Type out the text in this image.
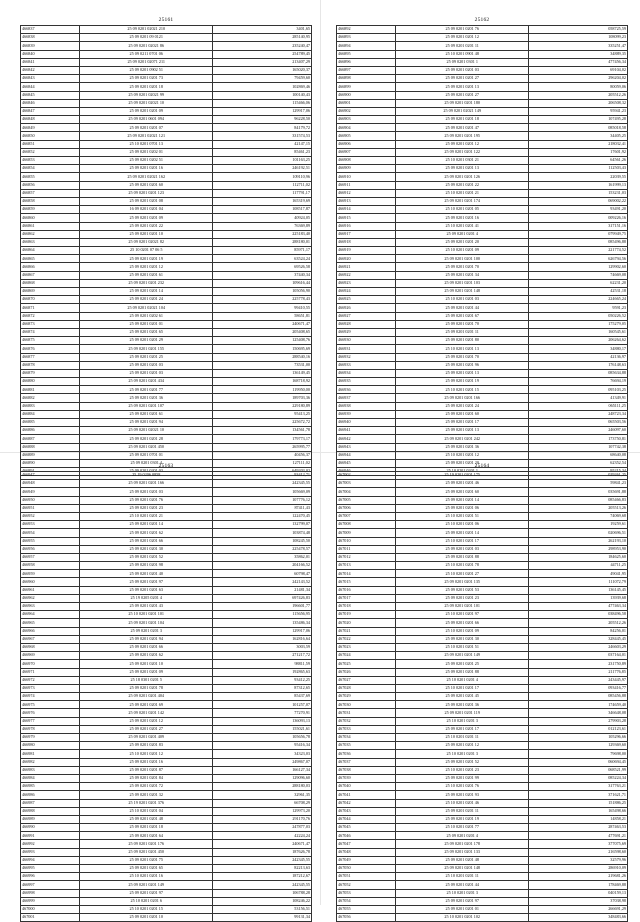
25161
466837	25 09 0201 02021 210	3401,65
466838	25 09 0201 09 0121	285140,95
466839	25 09 0201 02021 86	235240,47
466840	25 09 0211 0701 06	254789,45
466841	25 09 0201 02071 211	213407,29
466842	25 09 0201 0902 51	165020,37
466843	25 09 0201 0201 73	79459,60
466844	25 09 0201 0201 18	102869,46
466845	25 09 0201 02021 99	100140,43
466846	25 09 0201 02021 10	115466,06
466847	25 09 0201 0201 09	129917,06
466848	25 09 0201 0601 094	96228,50
466849	25 09 0201 0201 07	84179,72
466850	25 09 0201 02021 121	331574,53
466851	25 10 0201 0701 13	42147,15
466852	25 09 0201 0202 01	85461,23
466853	25 09 0201 0202 51	101163,25
466854	25 09 0201 0201 16	246192,51
466855	25 09 0201 02021 162	109110,96
466856	25 09 0201 0201 60	112711,02
466857	25 09 0201 0201 123	117791,17
466858	25 09 0201 0201 08	165319,69
466859	16 09 0201 0201 04	108517,87
466860	25 09 0201 0201 09	40924,05
466861	25 09 0201 0201 22	76369,89
466862	25 09 0201 0201 10	225183,40
466863	25 09 0201 02021 82	288180,01
466864	25 10 0201 07 06 5	85971,17
466865	25 09 0201 0201 19	63524,24
466866	25 09 0201 0201 12	69526,58
466867	25 09 0201 0201 61	37440,34
466868	25 09 0201 0201 232	109616,44
466869	25 09 0201 0201 14	105056,90
466870	25 09 0201 0201 24	225778,43
466871	25 09 0201 02021 104	99410,55
466872	25 09 0201 0202 61	58651,81
466873	25 09 0201 0201 01	240671,47
466874	25 09 0201 0201 65	205408,65
466875	25 09 0201 0201 29	125408,76
466876	25 09 0201 0201 155	150695,69
466877	25 09 0201 0201 25	288540,16
466878	25 09 0201 0201 03	73531,00
466879	25 09 0201 0201 03	136149,45
466880	25 09 0201 0201 434	168718,92
466881	25 09 0201 0201 77	119950,00
466882	25 09 0201 0201 36	189703,36
466883	25 09 0201 0201 107	229180,89
466884	25 09 0201 0201 61	95413,25
466885	25 09 0201 0201 94	225672,72
466886	25 09 0201 02021 10	134561,78
466887	25 09 0201 0201 28	179773,17
466888	25 09 0201 0201 450	265995,77
466889	25 09 0201 0701 01	40456,37
466890	25 09 0201 0301 4	127111,02
466891	25 09 0201 0201 03	649203,02
25162
466892	25 09 0201 0201 76	058725,59
466893	25 09 0201 0201 12	108099,23
466894	25 09 0201 0201 11	335251,47
466895	25 10 0201 0901 48	34889,35
466896	25 09 0201 0301 1	477456,34
466897	25 09 0201 0201 03	69104,02
466898	25 09 0201 0201 27	296204,02
466899	25 09 0201 0201 13	80059,06
466900	25 09 0201 0201 27	205512,26
466901	25 09 0201 0201 180	206508,32
466902	25 09 0201 02021 149	95941,23
466903	25 09 0201 0201 18	107495,28
466904	25 09 0201 0201 47	085018,58
466905	25 09 0201 0201 195	34405,25
466906	25 09 0201 0201 12	218032,41
466907	25 09 0201 0201 122	17601,92
466908	25 10 0201 0301 21	64561,26
466909	25 09 0201 0201 13	112503,43
466910	25 09 0201 0201 126	22039,55
466911	25 09 0201 0201 22	161999,13
466912	25 10 0201 0201 21	153231,03
466913	25 09 0201 0201 174	069002,22
466914	25 10 0201 0201 05	93491,20
466915	25 09 0201 0201 16	009226,16
466916	25 10 0201 0201 41	317151,16
466917	25 09 0201 0201 4	079949,75
466918	25 09 0201 0201 20	085496,88
466919	25 10 0201 0201 09	221774,52
466920	25 09 0201 0201 100	626794,56
466921	25 09 0201 0201 70	129902,60
466922	25 09 0201 0201 34	74669,08
466923	25 09 0201 0201 103	62231,20
466924	25 09 0201 0201 148	42531,18
466925	25 10 0201 0201 03	224665,24
466926	25 09 0201 0201 44	9591,23
466927	25 09 0201 0201 67	050226,52
466928	25 09 0201 0201 70	175279,05
466929	25 09 0201 0201 11	160545,61
466930	25 09 0201 0201 80	206264,62
466931	25 10 0201 0201 13	34880,17
466932	25 09 0201 0201 70	42136,97
466933	25 09 0201 0201 96	176148,63
466934	25 09 0201 0201 13	085634,88
466935	25 09 0201 0201 19	76694,19
466936	25 10 0201 0201 15	095103,25
466937	25 09 0201 0201 166	41349,91
466938	25 09 0201 0201 24	065111,25
466939	25 09 0201 0201 60	248723,34
466940	25 09 0201 0201 17	065503,56
466941	25 09 0201 0201 13	246097,60
466942	25 09 0201 0201 242	173750,81
466943	25 09 0201 0201 36	107742,38
466944	25 10 0201 0201 12	68640,08
466945	25 09 0201 0201 20	62352,54
466946	25 10 0201 0201 1	95215,34
25163
466947	25 19 0206 0858	93412,71
466948	25 09 0201 0201 166	242345,55
466949	25 09 0201 0201 03	105669,09
466950	25 09 0201 0201 76	107776,12
466951	25 09 0201 0201 23	87411,43
466952	25 10 0201 0201 21	122470,45
466953	25 09 0201 0201 14	132799,07
466954	25 09 0201 0201 62	103874,48
466955	25 09 0201 0201 66	108245,50
466956	25 09 0201 0201 30	225478,57
466957	25 09 0201 0201 52	35862,01
466958	25 09 0201 0201 98	204166,52
466959	25 09 0201 0201 40	60798,47
466960	25 09 0201 0201 97	242143,52
466961	25 09 0201 0201 63	21481,34
466962	25 19 0205 0201 4	697426,83
466963	25 09 0201 0201 43	196601,77
466964	25 10 0201 0201 101	115656,95
466965	25 09 0201 0201 104	135486,34
466966	25 09 0201 0201 3	129917,06
466967	25 09 0201 0201 94	162816,64
466968	25 09 0201 0201 66	3003,59
466969	25 09 0201 0201 62	271217,72
466970	25 09 0201 0201 10	98811,59
466971	25 09 0201 0201 09	192865,63
466972	25 18 0301 0201 5	93412,25
466973	25 09 0201 0201 78	87312,65
466974	25 09 0201 0201 404	85437,69
466975	25 09 0201 0201 69	101257,07
466976	25 09 0201 0201 142	77270,91
466977	25 09 0201 0201 12	136093,13
466978	25 09 0201 0201 27	155021,61
466979	25 09 0201 0201 409	105656,78
466980	25 09 0201 0201 83	95416,34
466981	25 10 0201 0201 12	34323,03
466982	25 09 0201 0201 16	249867,07
466983	25 09 0201 0201 87	166127,34
466984	25 09 0201 0201 84	129096,60
466985	25 09 0201 0201 72	288180,03
466986	25 09 0201 0201 32	32961,35
466987	25 19 0201 0201 376	66708,29
466988	25 10 0201 0201 04	129973,20
466989	25 09 0201 0201 48	291170,76
466990	25 09 0201 0201 18	247877,03
466991	25 09 0201 0201 64	42224,24
466992	25 09 0201 0201 176	240671,47
466993	25 09 0201 0201 450	187626,78
466994	25 09 0201 0201 75	242345,55
466995	25 09 0201 0201 65	82213,63
466996	25 10 0201 0201 16	187212,67
466997	25 09 0201 0201 149	242345,55
466998	25 09 0201 0201 97	106788,28
466999	25 10 0201 0201 6	108246,22
467000	25 10 0201 0201 15	53156,51
467001	25 09 0201 0201 10	99131,34
25164
467002	25 19 0201 0201 175	029261,25
467003	25 09 0201 0201 46	59841,23
467004	25 09 0201 0201 60	035691,88
467005	25 09 0201 0201 14	085466,83
467006	25 09 0201 0201 06	205513,26
467007	25 10 0201 0201 51	74069,68
467008	25 10 0201 0201 06	19259,61
467009	25 09 0201 0201 14	020696,51
467010	25 10 0201 0201 17	262193,10
467011	25 09 0201 0201 03	298953,90
467012	25 09 0201 0201 88	184625,60
467013	25 10 0201 0201 78	44711,25
467014	25 10 0201 0201 27	49041,95
467015	25 09 0201 0201 135	111072,79
467016	25 09 0201 0201 53	136145,45
467017	25 09 0201 0201 23	13939,68
467018	25 09 0201 0201 101	477463,34
467019	25 10 0201 0201 97	038496,58
467020	25 09 0201 0201 66	205512,26
467021	25 10 0201 0201 09	84256,01
467022	25 09 0201 0201 30	328445,45
467023	25 10 0201 0201 51	246603,29
467024	25 09 0201 0201 149	037164,01
467025	25 09 0201 0201 25	231750,89
467026	25 09 0201 0201 88	211776,85
467027	25 10 0201 0201 4	243445,97
467028	25 10 0201 0201 17	093416,77
467029	25 09 0201 0201 45	085456,88
467030	25 09 0201 0201 36	174659,40
467031	25 09 0201 0201 119	346648,08
467032	25 10 0201 0201 3	279903,28
467033	25 09 0201 0201 17	012123,61
467034	25 10 0201 0201 11	105296,66
467035	25 09 0201 0201 12	129369,60
467036	25 10 0201 0201 3	79698,00
467037	25 09 0201 0201 52	060694,45
467038	25 10 0201 0201 23	068521,99
467039	25 09 0201 0201 99	085224,34
467040	25 10 0201 0201 76	317763,21
467041	25 09 0201 0201 93	371621,71
467042	25 10 0201 0201 46	151886,25
467043	25 09 0201 0201 11	165498,66
467044	25 09 0201 0201 19	14858,21
467045	25 10 0201 0201 77	287463,53
467046	25 09 0201 0201 4	477691,21
467047	25 09 0201 0201 178	377075,69
467048	25 09 0201 0201 133	216598,60
467049	25 09 0201 0201 48	32579,96
467050	25 09 0201 0201 148	286910,09
467051	25 10 0201 0201 11	219681,26
467052	25 09 0201 0201 44	178469,88
467053	25 10 0201 0201 3	040159,13
467054	25 09 0201 0201 97	37038,98
467055	25 09 0201 0201 01	266691,29
467056	25 10 0201 0201 102	348483,66
